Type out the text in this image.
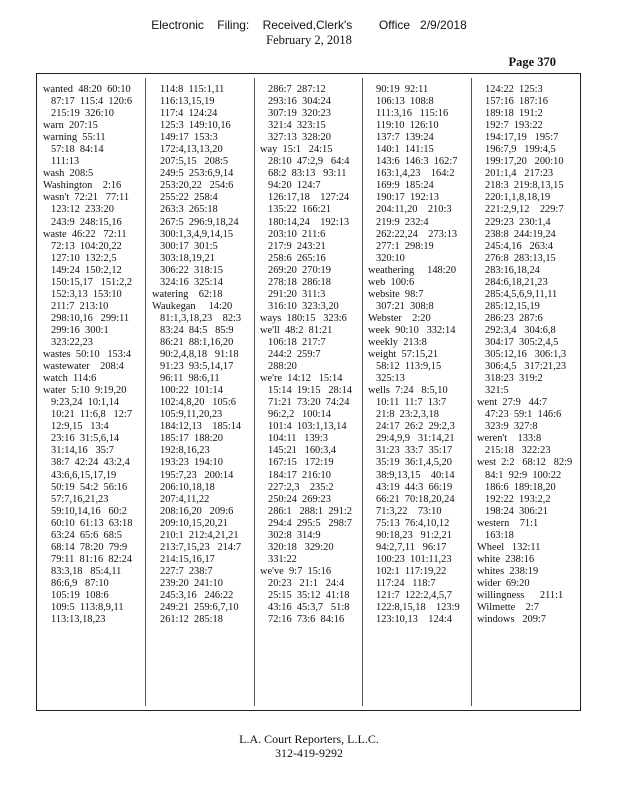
Electronic    Filing:    Received,Clerk's        Office   2/9/2018
February 2, 2018
Page 370
wanted  48:20  60:10
87:17  115:4  120:6
215:19  326:10
warn  207:15
warning  55:11
57:18  84:14
111:13
wash  208:5
Washington    2:16
wasn't  72:21   77:11
123:12  233:20
243:9  248:15,16
waste  46:22   72:11
72:13  104:20,22
127:10  132:2,5
149:24  150:2,12
150:15,17   151:2,2
152:3,13  153:10
211:7  213:10
298:10,16   299:11
299:16  300:1
323:22,23
wastes  50:10   153:4
wastewater    208:4
watch  114:6
water  5:10  9:19,20
9:23,24  10:1,14
10:21  11:6,8   12:7
12:9,15   13:4
23:16  31:5,6,14
31:14,16   35:7
38:7  42:24  43:2,4
43:6,6,15,17,19
50:19  54:2  56:16
57:7,16,21,23
59:10,14,16   60:2
60:10  61:13  63:18
63:24  65:6  68:5
68:14  78:20  79:9
79:11  81:16  82:24
83:3,18   85:4,11
86:6,9   87:10
105:19  108:6
109:5  113:8,9,11
113:13,18,23
114:8  115:1,11
116:13,15,19
117:4  124:24
125:3  149:10,16
149:17  153:3
172:4,13,13,20
207:5,15   208:5
249:5  253:6,9,14
253:20,22   254:6
255:22  258:4
263:3  265:18
267:5  296:9,18,24
300:1,3,4,9,14,15
300:17  301:5
303:18,19,21
306:22  318:15
324:16  325:14
watering    62:18
Waukegan     14:20
81:1,3,18,23    82:3
83:24  84:5   85:9
86:21  88:1,16,20
90:2,4,8,18   91:18
91:23  93:5,14,17
96:11  98:6,11
100:22  101:14
102:4,8,20   105:6
105:9,11,20,23
184:12,13    185:14
185:17  188:20
192:8,16,23
193:23  194:10
195:7,23   200:14
206:10,18,18
207:4,11,22
208:16,20   209:6
209:10,15,20,21
210:1  212:4,21,21
213:7,15,23   214:7
214:15,16,17
227:7  238:7
239:20  241:10
245:3,16   246:22
249:21  259:6,7,10
261:12  285:18
286:7  287:12
293:16  304:24
307:19  320:23
321:4  323:15
327:13  328:20
way  15:1   24:15
28:10  47:2,9   64:4
68:2  83:13   93:11
94:20  124:7
126:17,18    127:24
135:22  166:21
180:14,24    192:13
203:10  211:6
217:9  243:21
258:6  265:16
269:20  270:19
278:18  286:18
291:20  311:3
316:10  323:3,20
ways  180:15   323:6
we'll  48:2  81:21
106:18  217:7
244:2  259:7
288:20
we're  14:12   15:14
15:14  19:15   28:14
71:21  73:20  74:24
96:2,2   100:14
101:4  103:1,13,14
104:11   139:3
145:21   160:3,4
167:15   172:19
184:17  216:10
227:2,3    235:2
250:24  269:23
286:1   288:1  291:2
294:4  295:5   298:7
302:8  314:9
320:18   329:20
331:22
we've  9:7  15:16
20:23   21:1   24:4
25:15  35:12  41:18
43:16  45:3,7   51:8
72:16  73:6  84:16
90:19  92:11
106:13  108:8
111:3,16   115:16
119:10  126:10
137:7  139:24
140:1  141:15
143:6  146:3  162:7
163:1,4,23    164:2
169:9  185:24
190:17  192:13
204:11,20    210:3
219:9  232:4
262:22,24    273:13
277:1  298:19
320:10
weathering     148:20
web  100:6
website  98:7
307:21  308:8
Webster    2:20
week  90:10   332:14
weekly  213:8
weight  57:15,21
58:12  113:9,15
325:13
wells  7:24   8:5,10
10:11  11:7  13:7
21:8  23:2,3,18
24:17  26:2  29:2,3
29:4,9,9   31:14,21
31:23  33:7  35:17
35:19  36:1,4,5,20
38:9,13,15    40:14
43:19  44:3  66:19
66:21  70:18,20,24
71:3,22    73:10
75:13  76:4,10,12
90:18,23   91:2,21
94:2,7,11   96:17
100:23  101:11,23
102:1  117:19,22
117:24   118:7
121:7  122:2,4,5,7
122:8,15,18    123:9
123:10,13    124:4
124:22  125:3
157:16  187:16
189:18  191:2
192:7  193:22
194:17,19   195:7
196:7,9   199:4,5
199:17,20   200:10
201:1,4   217:23
218:3  219:8,13,15
220:1,1,8,18,19
221:2,9,12    229:7
229:23  230:1,4
238:8  244:19,24
245:4,16   263:4
276:8  283:13,15
283:16,18,24
284:6,18,21,23
285:4,5,6,9,11,11
285:12,15,19
286:23  287:6
292:3,4   304:6,8
304:17  305:2,4,5
305:12,16   306:1,3
306:4,5   317:21,23
318:23  319:2
321:5
went  27:9   44:7
47:23  59:1  146:6
323:9  327:8
weren't    133:8
215:18   322:23
west  2:2   68:12   82:9
84:1  92:9  100:22
186:6  189:18,20
192:22  193:2,2
198:24  306:21
western    71:1
163:18
Wheel   132:11
white  238:16
whites  238:19
wider  69:20
willingness      211:1
Wilmette    2:7
windows   209:7
L.A. Court Reporters, L.L.C.
312-419-9292
